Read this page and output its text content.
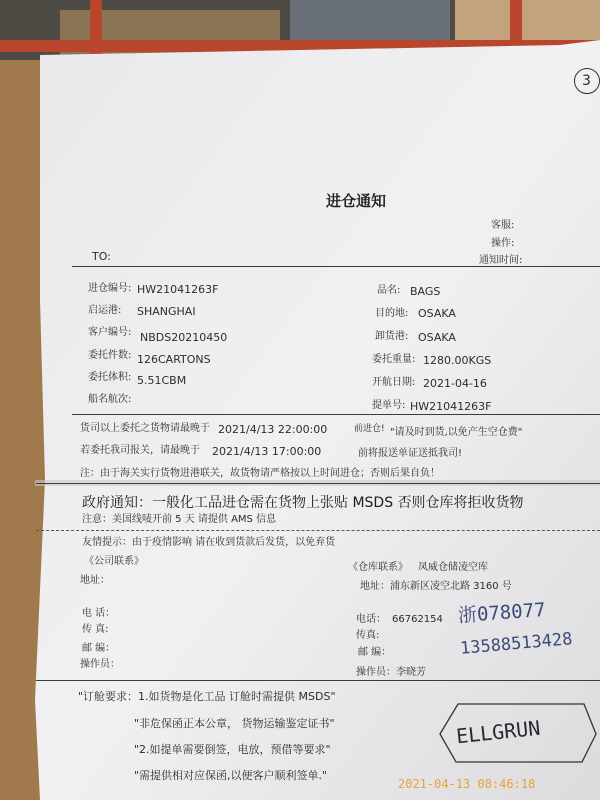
3
进仓通知
客服:
操作:
通知时间:
TO:
进仓编号: HW21041263F
启运港: SHANGHAI
客户编号: NBDS20210450
委托件数: 126CARTONS
委托体积: 5.51CBM
船名航次:
品名: BAGS
目的地: OSAKA
卸货港: OSAKA
委托重量: 1280.00KGS
开航日期: 2021-04-16
提单号: HW21041263F
货司以上委托之货物请最晚于 2021/4/13 22:00:00	前进仓! "请及时到货,以免产生空仓费"
若委托我司报关，请最晚于 2021/4/13 17:00:00	前将报送单证送抵我司!
注：由于海关实行货物进港联关，故货物请严格按以上时间进仓；否则后果自负！
政府通知：一般化工品进仓需在货物上张贴 MSDS 否则仓库将拒收货物
注意：美国线唛开前 5 天 请提供 AMS 信息
友情提示：由于疫情影响 请在收到货款后发货，以免弃货
《公司联系》
地址：
电 话：
传 真:
邮 编：
操作员：
《仓库联系》 凤威仓储凌空库
地址：浦东新区凌空北路 3160 号
电话： 66762154
传真:
邮 编：
操作员：李晓芳
浙078077
13588513428
"订舱要求：1.如货物是化工品 订舱时需提供 MSDS"
"非危保函正本公章， 货物运输鉴定证书"
"2.如提单需要倒签，电放，预借等要求"
"需提供相对应保函,以便客户顺利签单."
ELLGRUN
2021-04-13 08:46:18
